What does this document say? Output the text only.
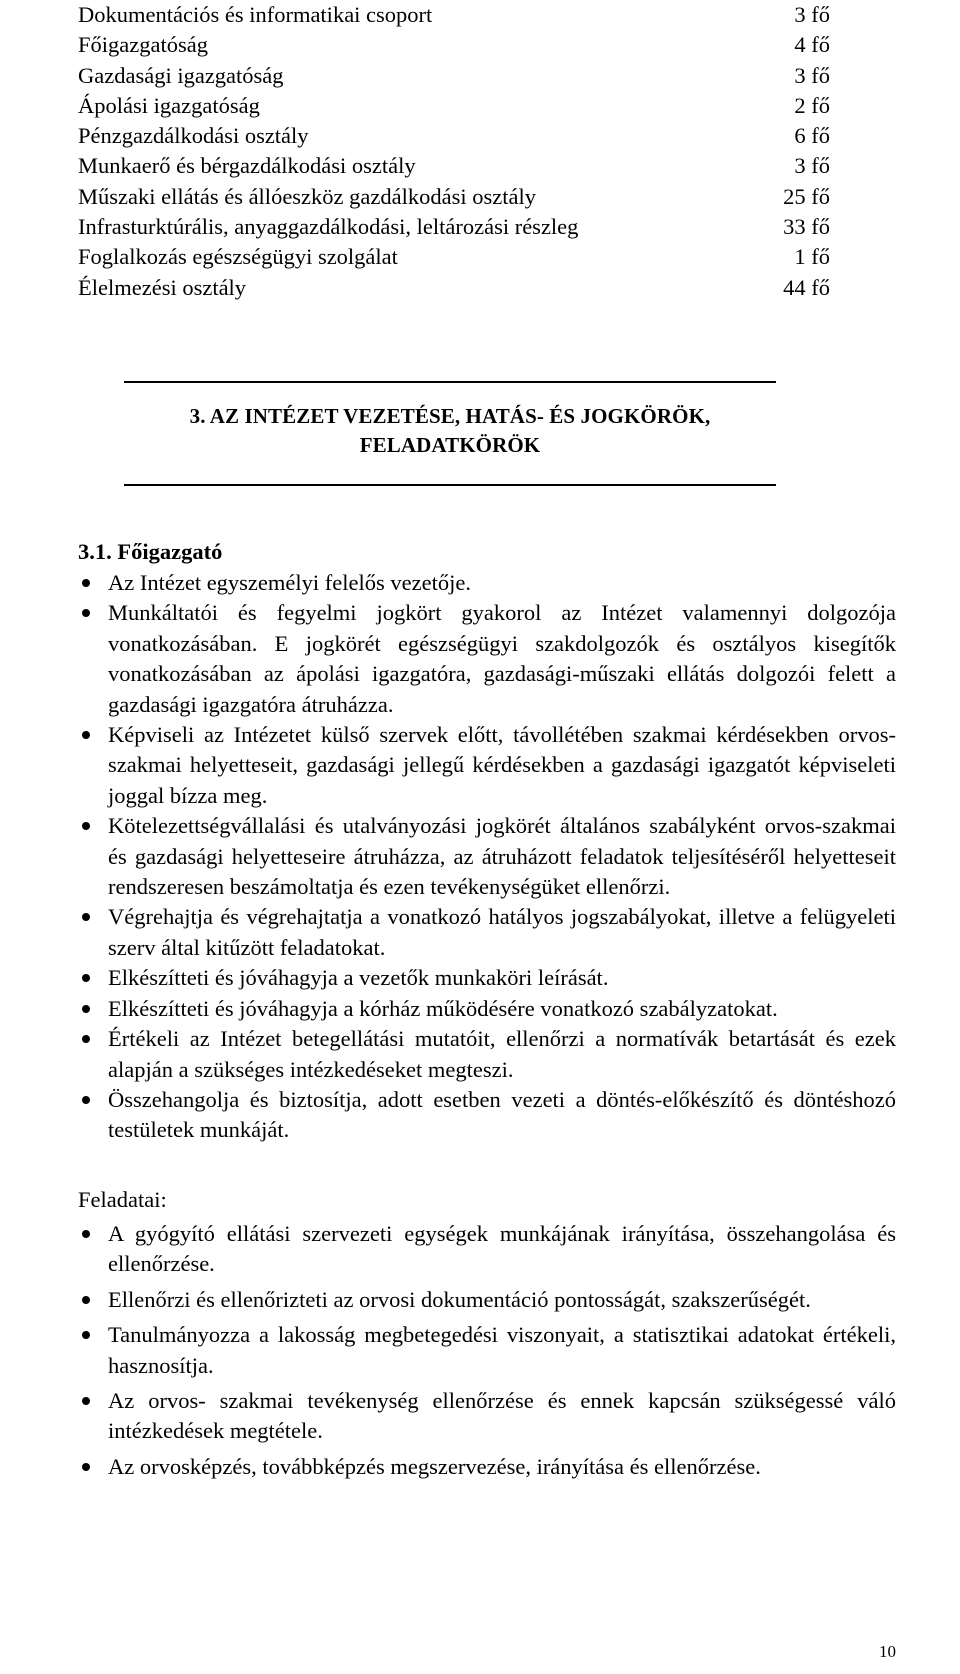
Dokumentációs és informatikai csoport	3 fő
Főigazgatóság	4 fő
Gazdasági igazgatóság	3 fő
Ápolási igazgatóság	2 fő
Pénzgazdálkodási osztály	6 fő
Munkaerő és bérgazdálkodási osztály	3 fő
Műszaki ellátás és állóeszköz gazdálkodási osztály	25 fő
Infrasturktúrális, anyaggazdálkodási, leltározási részleg	33 fő
Foglalkozás egészségügyi szolgálat	1 fő
Élelmezési osztály	44 fő
3. AZ INTÉZET VEZETÉSE, HATÁS- ÉS JOGKÖRÖK,
FELADATKÖRÖK
3.1. Főigazgató
Az Intézet egyszemélyi felelős vezetője.
Munkáltatói és fegyelmi jogkört gyakorol az Intézet valamennyi dolgozója vonatkozásában. E jogkörét egészségügyi szakdolgozók és osztályos kisegítők vonatkozásában az ápolási igazgatóra, gazdasági-műszaki ellátás dolgozói felett a gazdasági igazgatóra átruházza.
Képviseli az Intézetet külső szervek előtt, távollétében szakmai kérdésekben orvos-szakmai helyetteseit, gazdasági jellegű kérdésekben a gazdasági igazgatót képviseleti joggal bízza meg.
Kötelezettségvállalási és utalványozási jogkörét általános szabályként orvos-szakmai és gazdasági helyetteseire átruházza, az átruházott feladatok teljesítéséről helyetteseit rendszeresen beszámoltatja és ezen tevékenységüket ellenőrzi.
Végrehajtja és végrehajtatja a vonatkozó hatályos jogszabályokat, illetve a felügyeleti szerv által kitűzött feladatokat.
Elkészítteti és jóváhagyja a vezetők munkaköri leírását.
Elkészítteti és jóváhagyja a kórház működésére vonatkozó szabályzatokat.
Értékeli az Intézet betegellátási mutatóit, ellenőrzi a normatívák betartását és ezek alapján a szükséges intézkedéseket megteszi.
Összehangolja és biztosítja, adott esetben vezeti a döntés-előkészítő és döntéshozó testületek munkáját.
Feladatai:
A gyógyító ellátási szervezeti egységek munkájának irányítása, összehangolása és ellenőrzése.
Ellenőrzi és ellenőrizteti az orvosi dokumentáció pontosságát, szakszerűségét.
Tanulmányozza a lakosság megbetegedési viszonyait, a statisztikai adatokat értékeli, hasznosítja.
Az orvos- szakmai tevékenység ellenőrzése és ennek kapcsán szükségessé váló intézkedések megtétele.
Az orvosképzés, továbbképzés megszervezése, irányítása és ellenőrzése.
10
